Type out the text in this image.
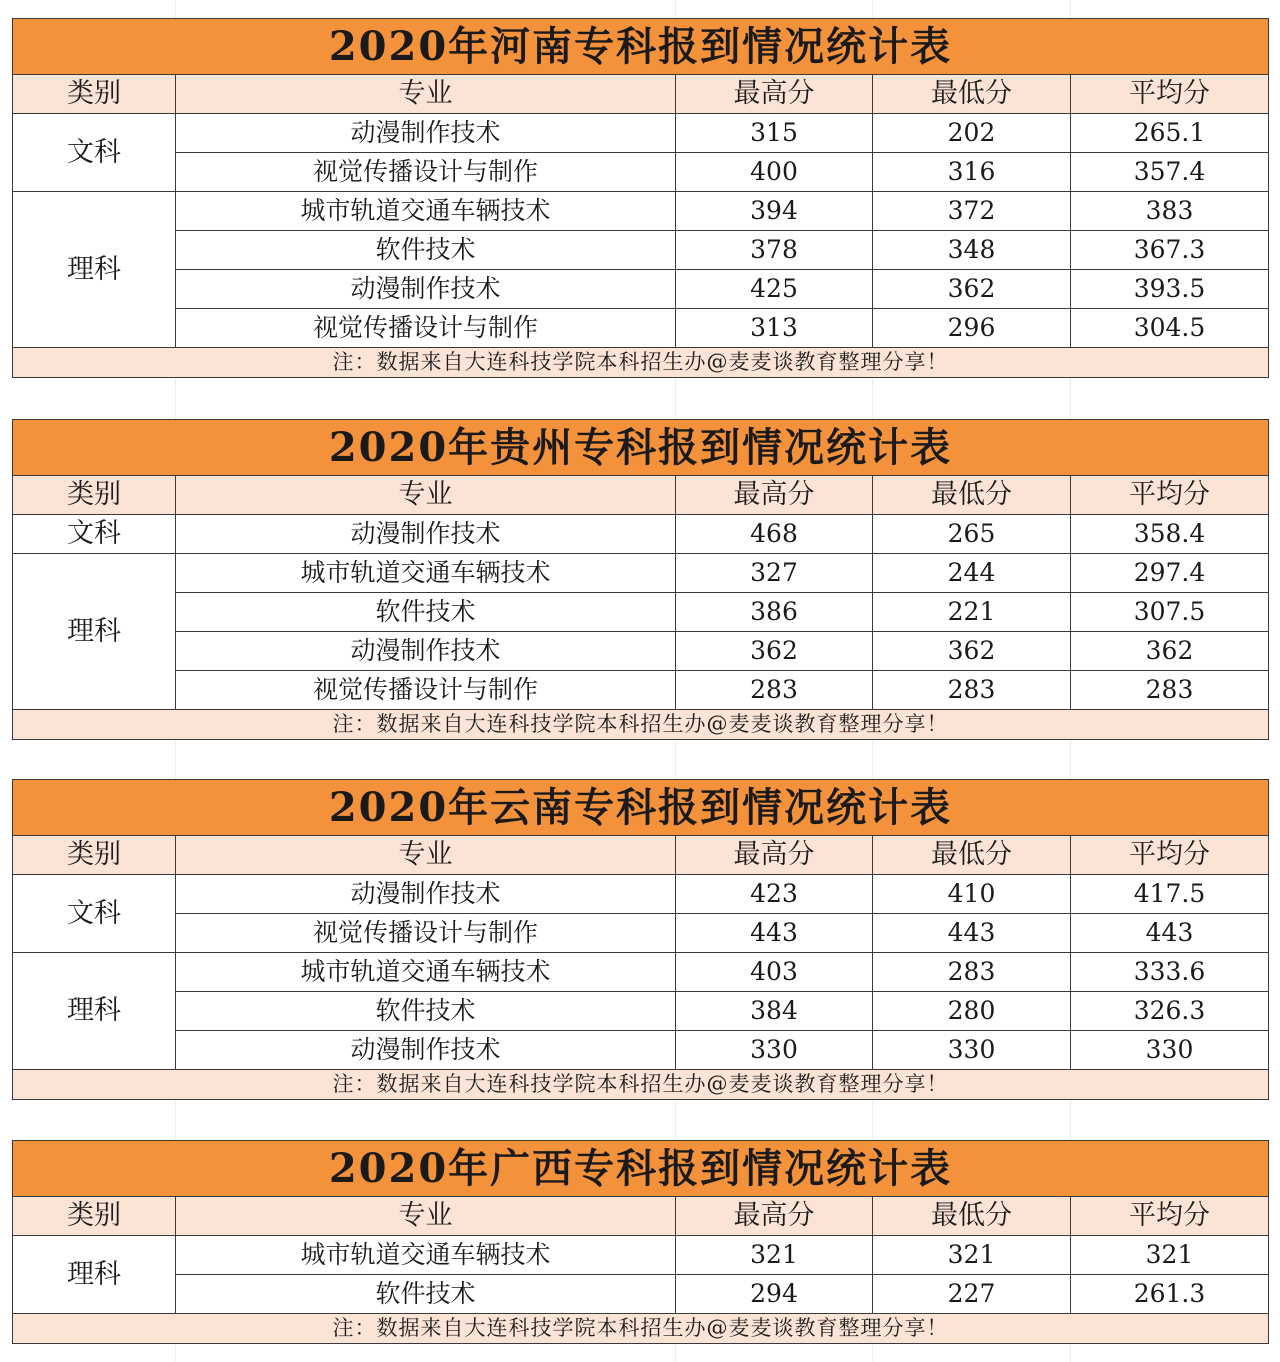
2020年河南专科报到情况统计表				
类别	专业	最高分	最低分	平均分
文科	动漫制作技术	315	202	265.1
	视觉传播设计与制作	400	316	357.4
理科	城市轨道交通车辆技术	394	372	383
	软件技术	378	348	367.3
	动漫制作技术	425	362	393.5
	视觉传播设计与制作	313	296	304.5
注：数据来自大连科技学院本科招生办@麦麦谈教育整理分享！				
2020年贵州专科报到情况统计表				
类别	专业	最高分	最低分	平均分
文科	动漫制作技术	468	265	358.4
理科	城市轨道交通车辆技术	327	244	297.4
	软件技术	386	221	307.5
	动漫制作技术	362	362	362
	视觉传播设计与制作	283	283	283
注：数据来自大连科技学院本科招生办@麦麦谈教育整理分享！				
2020年云南专科报到情况统计表				
类别	专业	最高分	最低分	平均分
文科	动漫制作技术	423	410	417.5
	视觉传播设计与制作	443	443	443
理科	城市轨道交通车辆技术	403	283	333.6
	软件技术	384	280	326.3
	动漫制作技术	330	330	330
注：数据来自大连科技学院本科招生办@麦麦谈教育整理分享！				
2020年广西专科报到情况统计表				
类别	专业	最高分	最低分	平均分
理科	城市轨道交通车辆技术	321	321	321
	软件技术	294	227	261.3
注：数据来自大连科技学院本科招生办@麦麦谈教育整理分享！				
